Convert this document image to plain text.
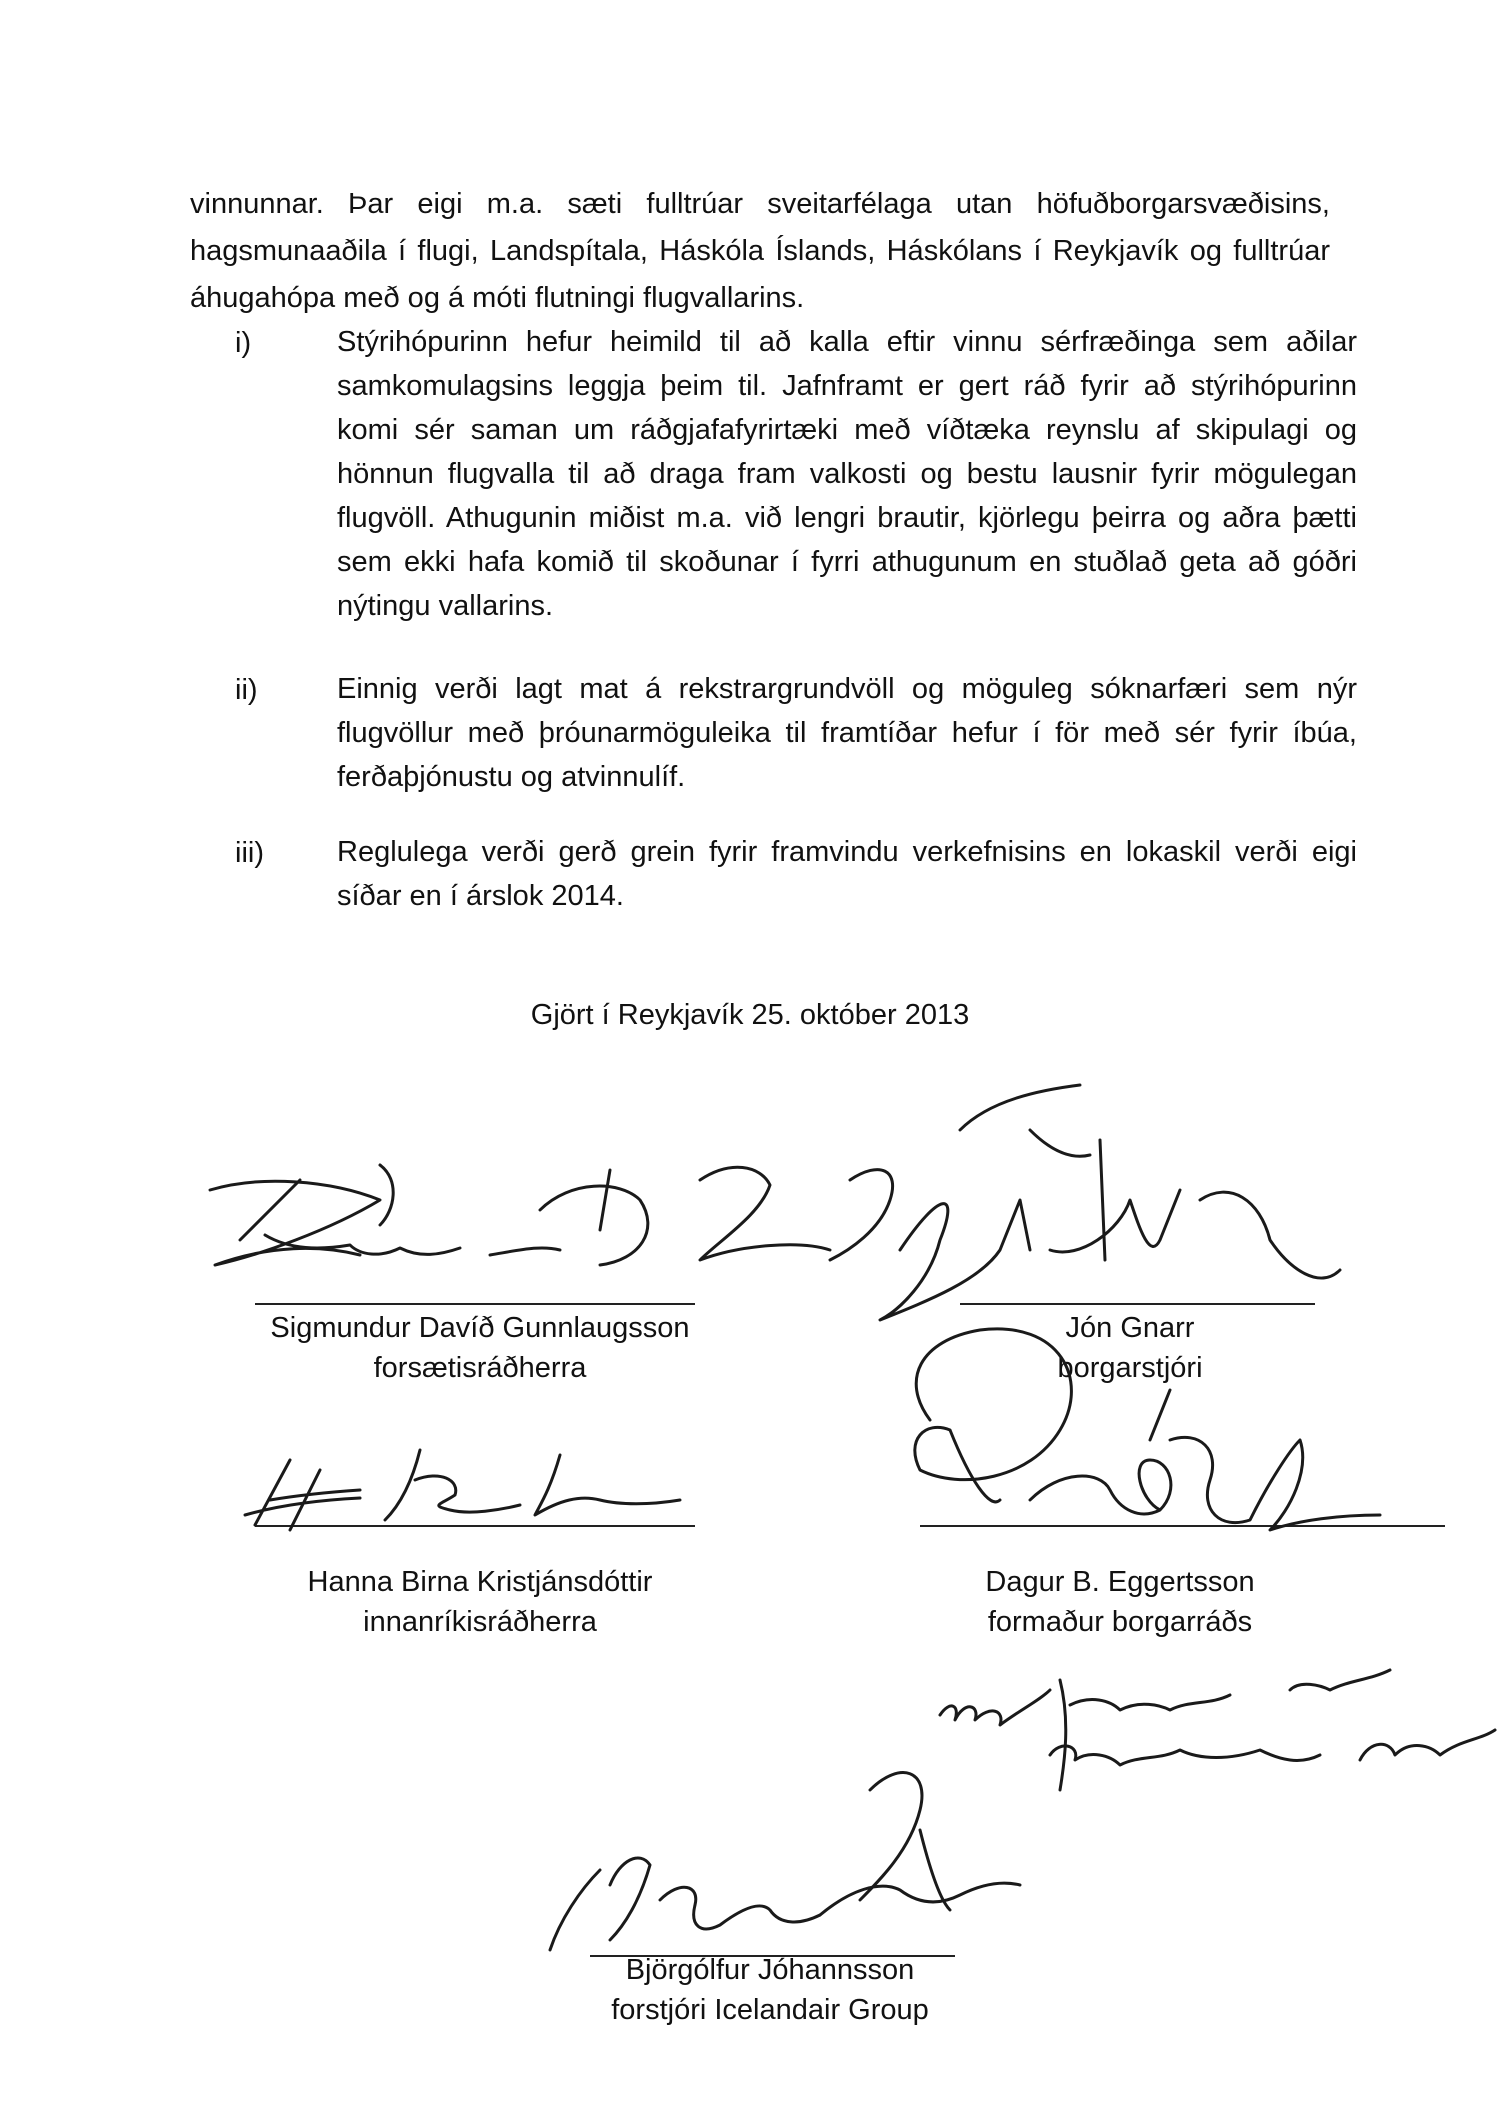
vinnunnar. Þar eigi m.a. sæti fulltrúar sveitarfélaga utan höfuðborgarsvæðisins, hagsmunaaðila í flugi, Landspítala, Háskóla Íslands, Háskólans í Reykjavík og fulltrúar áhugahópa með og á móti flutningi flugvallarins.

i)	Stýrihópurinn hefur heimild til að kalla eftir vinnu sérfræðinga sem aðilar samkomulagsins leggja þeim til. Jafnframt er gert ráð fyrir að stýrihópurinn komi sér saman um ráðgjafafyrirtæki með víðtæka reynslu af skipulagi og hönnun flugvalla til að draga fram valkosti og bestu lausnir fyrir mögulegan flugvöll. Athugunin miðist m.a. við lengri brautir, kjörlegu þeirra og aðra þætti sem ekki hafa komið til skoðunar í fyrri athugunum en stuðlað geta að góðri nýtingu vallarins.
ii)	Einnig verði lagt mat á rekstrargrundvöll og möguleg sóknarfæri sem nýr flugvöllur með þróunarmöguleika til framtíðar hefur í för með sér fyrir íbúa, ferðaþjónustu og atvinnulíf.
iii)	Reglulega verði gerð grein fyrir framvindu verkefnisins en lokaskil verði eigi síðar en í árslok 2014.
Gjört í Reykjavík 25. október 2013
Sigmundur Davíð Gunnlaugsson
forsætisráðherra
Jón Gnarr
borgarstjóri
Hanna Birna Kristjánsdóttir
innanríkisráðherra
Dagur B. Eggertsson
formaður borgarráðs
Björgólfur Jóhannsson
forstjóri Icelandair Group
